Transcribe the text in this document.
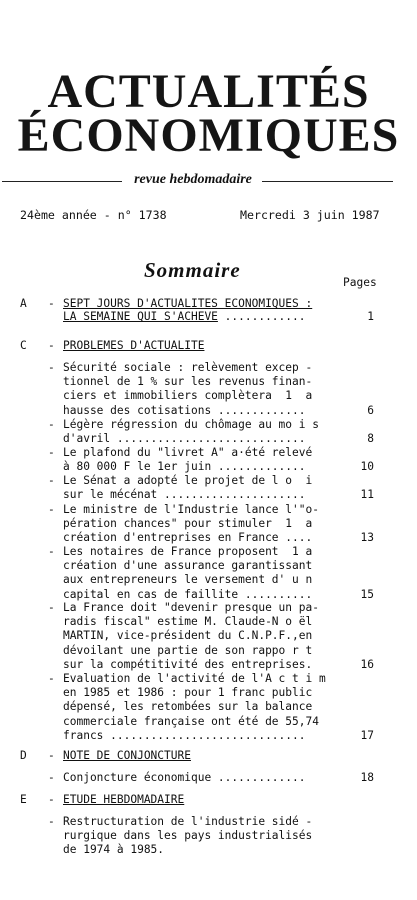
ACTUALITÉS
ÉCONOMIQUES
revue hebdomadaire
24ème année - n° 1738	Mercredi 3 juin 1987
Sommaire
Pages
A - SEPT JOURS D'ACTUALITES ECONOMIQUES :
LA SEMAINE QUI S'ACHEVE ............	1
C - PROBLEMES D'ACTUALITE
- Sécurité sociale : relèvement excep -
tionnel de 1 % sur les revenus finan-
ciers et immobiliers complètera  1  a
hausse des cotisations .............	6
- Légère régression du chômage au mo i s
d'avril ............................	8
- Le plafond du "livret A" a·été relevé
à 80 000 F le 1er juin .............	10
- Le Sénat a adopté le projet de l o  i
sur le mécénat .....................	11
- Le ministre de l'Industrie lance l'"o-
pération chances" pour stimuler  1  a
création d'entreprises en France ....	13
- Les notaires de France proposent  1 a
création d'une assurance garantissant
aux entrepreneurs le versement d' u n
capital en cas de faillite ..........	15
- La France doit "devenir presque un pa-
radis fiscal" estime M. Claude-N o ël
MARTIN, vice-président du C.N.P.F.,en
dévoilant une partie de son rappo r t
sur la compétitivité des entreprises.	16
- Evaluation de l'activité de l'A c t i m
en 1985 et 1986 : pour 1 franc public
dépensé, les retombées sur la balance
commerciale française ont été de 55,74
francs .............................	17
D - NOTE DE CONJONCTURE
- Conjoncture économique .............	18
E - ETUDE HEBDOMADAIRE
- Restructuration de l'industrie sidé -
rurgique dans les pays industrialisés
de 1974 à 1985.
